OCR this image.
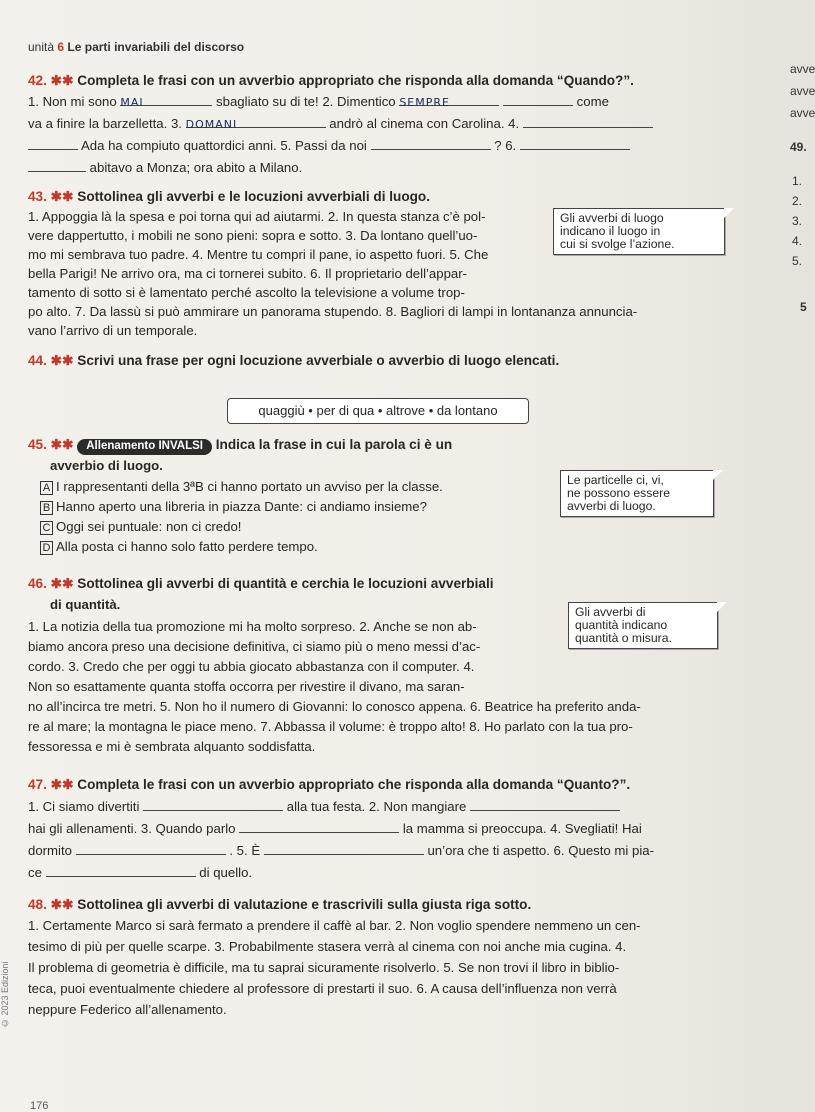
unità 6 Le parti invariabili del discorso
42. ✱✱ Completa le frasi con un avverbio appropriato che risponda alla domanda “Quando?”.
1. Non mi sono MAI	sbagliato su di te! 2. Dimentico SEMPRE	come
va a finire la barzelletta. 3. DOMANI	andrò al cinema con Carolina. 4.
Ada ha compiuto quattordici anni. 5. Passi da noi	? 6.
abitavo a Monza; ora abito a Milano.
43. ✱✱ Sottolinea gli avverbi e le locuzioni avverbiali di luogo.
1. Appoggia là la spesa e poi torna qui ad aiutarmi. 2. In questa stanza c’è pol-
vere dappertutto, i mobili ne sono pieni: sopra e sotto. 3. Da lontano quell’uo-
mo mi sembrava tuo padre. 4. Mentre tu compri il pane, io aspetto fuori. 5. Che
bella Parigi! Ne arrivo ora, ma ci tornerei subito. 6. Il proprietario dell’appar-
tamento di sotto si è lamentato perché ascolto la televisione a volume trop-
po alto. 7. Da lassù si può ammirare un panorama stupendo. 8. Bagliori di lampi in lontananza annuncia-
vano l’arrivo di un temporale.
Gli avverbi di luogo
indicano il luogo in
cui si svolge l’azione.
44. ✱✱ Scrivi una frase per ogni locuzione avverbiale o avverbio di luogo elencati.
quaggiù • per di qua • altrove • da lontano
45. ✱✱ Allenamento INVALSI Indica la frase in cui la parola ci è un
avverbio di luogo.
A I rappresentanti della 3ªB ci hanno portato un avviso per la classe.
B Hanno aperto una libreria in piazza Dante: ci andiamo insieme?
C Oggi sei puntuale: non ci credo!
D Alla posta ci hanno solo fatto perdere tempo.
Le particelle ci, vi,
ne possono essere
avverbi di luogo.
46. ✱✱ Sottolinea gli avverbi di quantità e cerchia le locuzioni avverbiali
di quantità.
1. La notizia della tua promozione mi ha molto sorpreso. 2. Anche se non ab-
biamo ancora preso una decisione definitiva, ci siamo più o meno messi d’ac-
cordo. 3. Credo che per oggi tu abbia giocato abbastanza con il computer. 4.
Non so esattamente quanta stoffa occorra per rivestire il divano, ma saran-
no all’incirca tre metri. 5. Non ho il numero di Giovanni: lo conosco appena. 6. Beatrice ha preferito anda-
re al mare; la montagna le piace meno. 7. Abbassa il volume: è troppo alto! 8. Ho parlato con la tua pro-
fessoressa e mi è sembrata alquanto soddisfatta.
Gli avverbi di
quantità indicano
quantità o misura.
47. ✱✱ Completa le frasi con un avverbio appropriato che risponda alla domanda “Quanto?”.
1. Ci siamo divertiti	alla tua festa. 2. Non mangiare
hai gli allenamenti. 3. Quando parlo	la mamma si preoccupa. 4. Svegliati! Hai
dormito	. 5. È	un’ora che ti aspetto. 6. Questo mi pia-
ce	di quello.
48. ✱✱ Sottolinea gli avverbi di valutazione e trascrivili sulla giusta riga sotto.
1. Certamente Marco si sarà fermato a prendere il caffè al bar. 2. Non voglio spendere nemmeno un cen-
tesimo di più per quelle scarpe. 3. Probabilmente stasera verrà al cinema con noi anche mia cugina. 4.
Il problema di geometria è difficile, ma tu saprai sicuramente risolverlo. 5. Se non trovi il libro in biblio-
teca, puoi eventualmente chiedere al professore di prestarti il suo. 6. A causa dell’influenza non verrà
neppure Federico all’allenamento.
avve
avve
avve
49.
1.
2.
3.
4.
5.
5
© 2023 Edizioni
176
